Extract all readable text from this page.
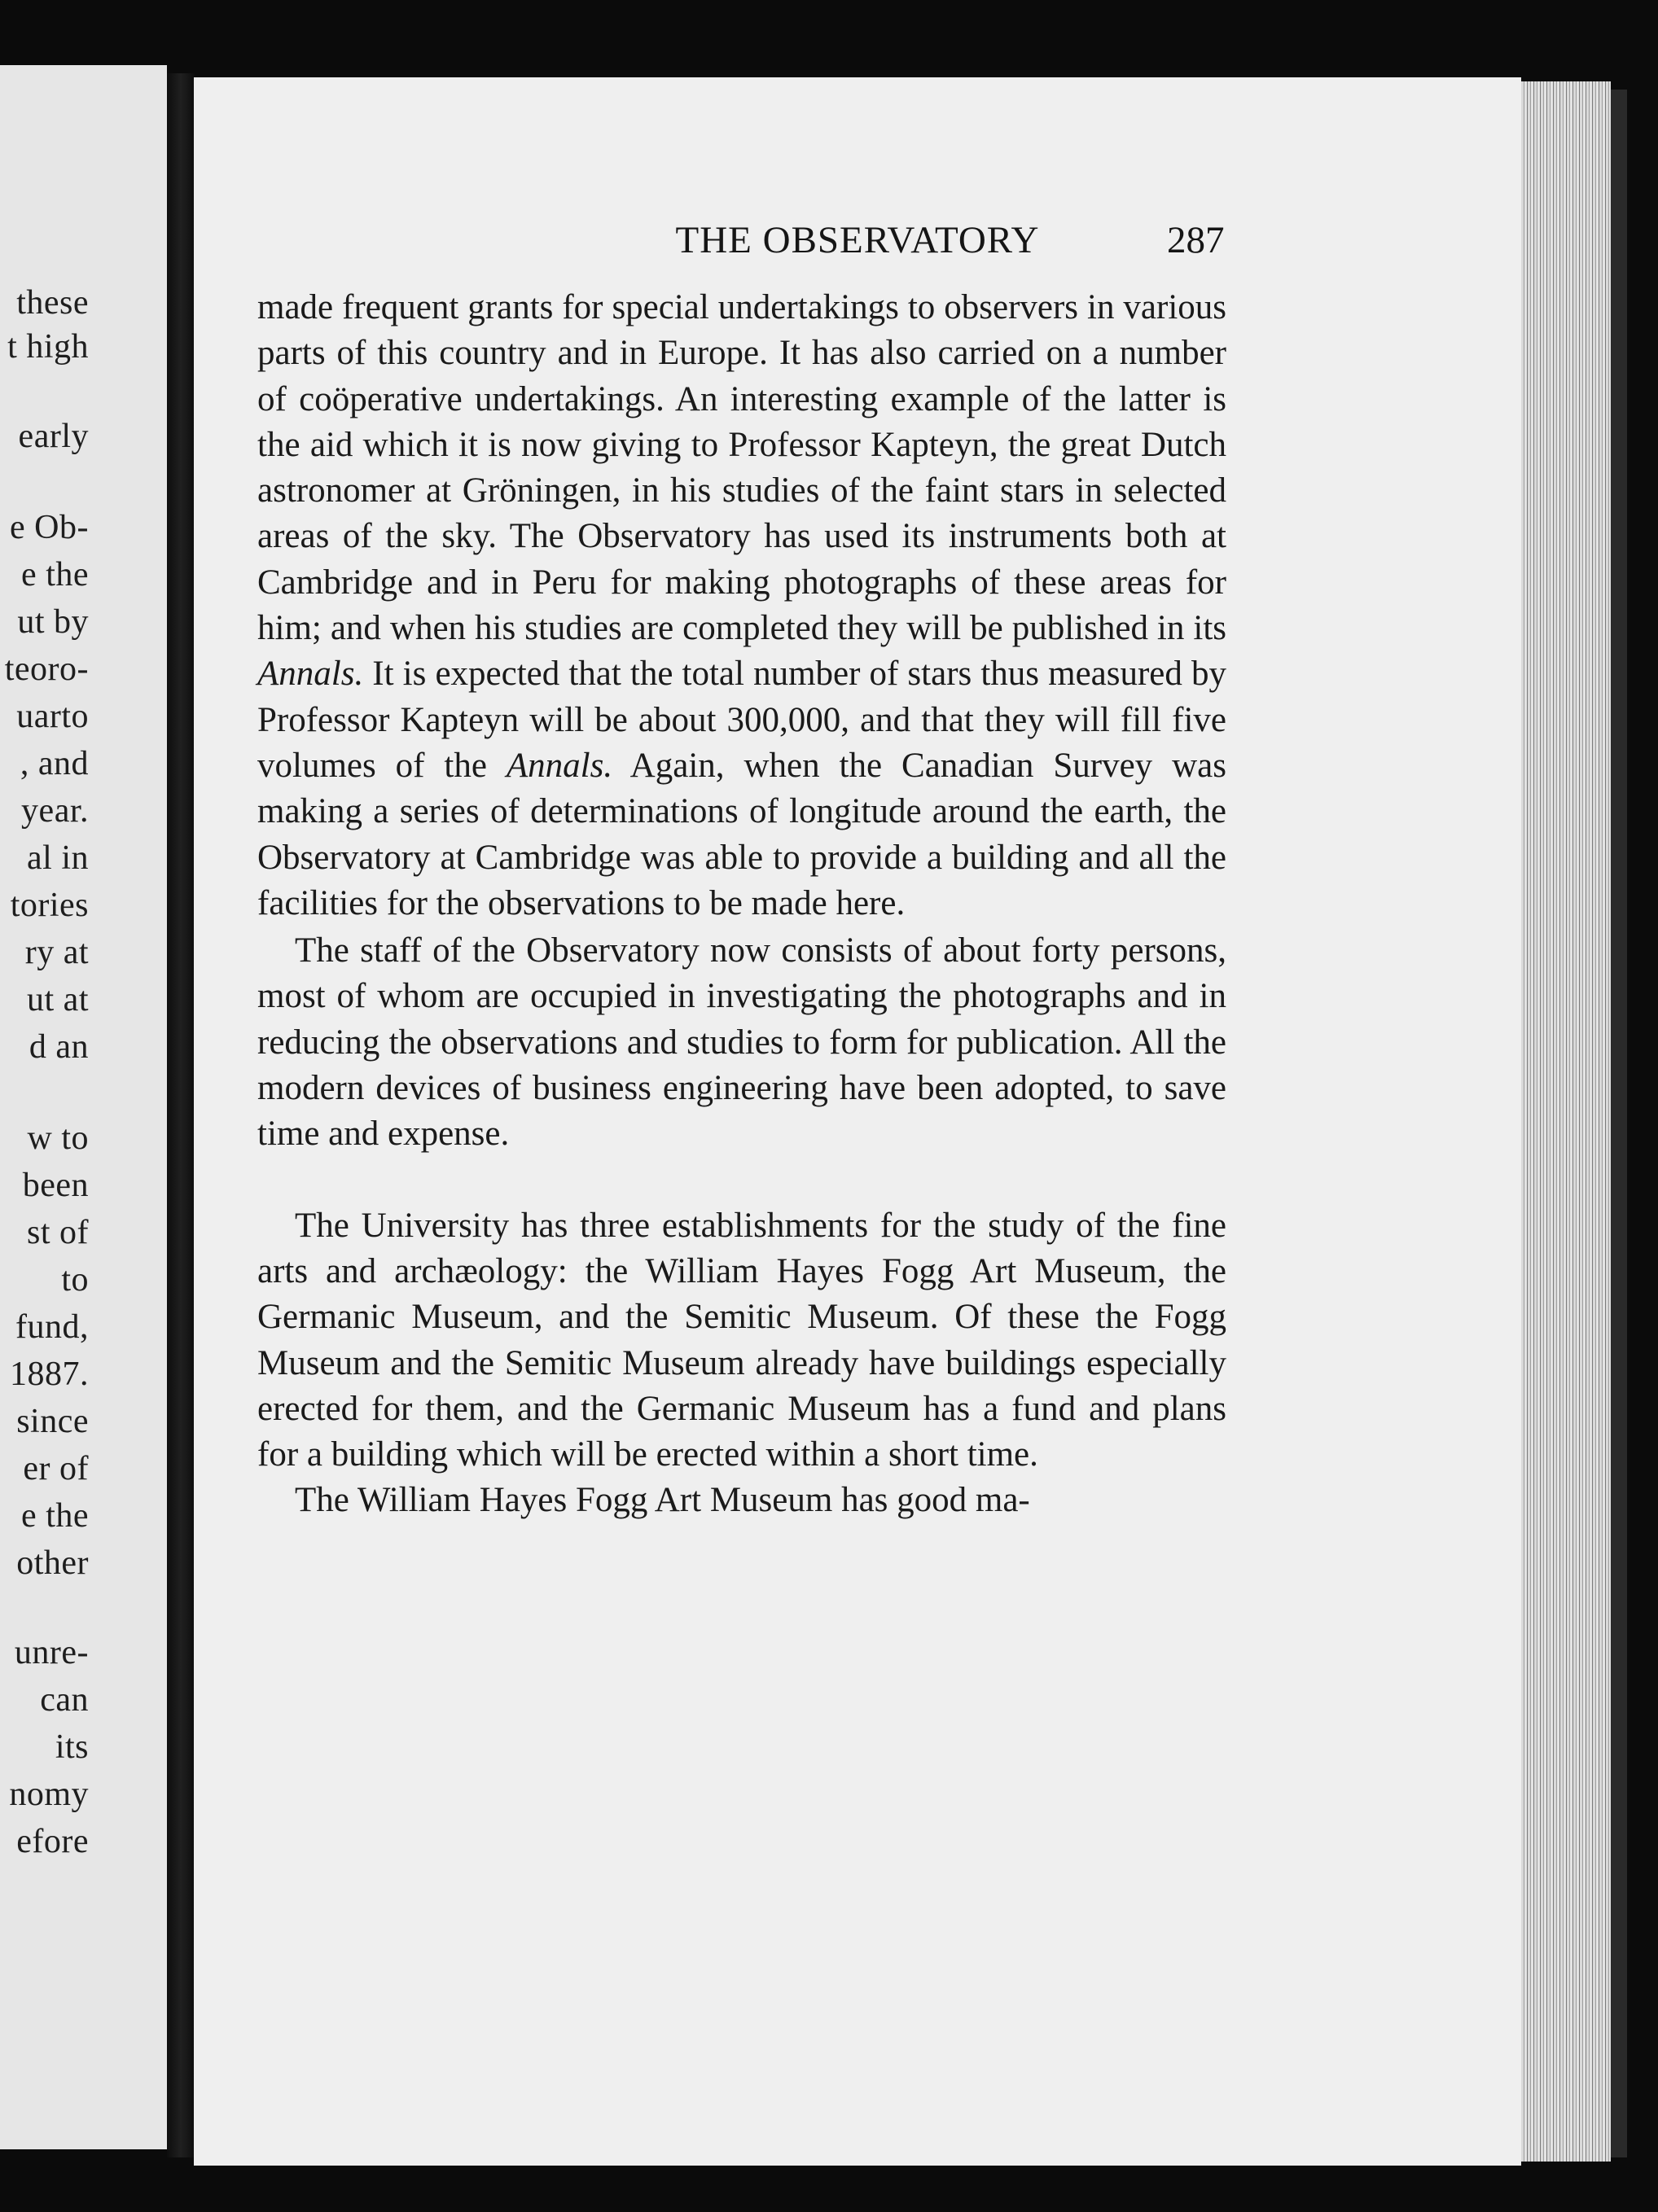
these
t high
early
e Ob-
e the
ut by
teoro-
uarto
, and
year.
al in
tories
ry at
ut at
d an
w to
been
st of
to
fund,
1887.
since
er of
e the
other
unre-
can
its
nomy
efore
THE OBSERVATORY	287

made frequent grants for special undertakings to observers in various parts of this country and in Europe. It has also carried on a number of coöperative undertakings. An interesting example of the latter is the aid which it is now giving to Professor Kapteyn, the great Dutch astronomer at Gröningen, in his studies of the faint stars in selected areas of the sky. The Observatory has used its instruments both at Cambridge and in Peru for making photographs of these areas for him; and when his studies are completed they will be published in its Annals. It is expected that the total number of stars thus measured by Professor Kapteyn will be about 300,000, and that they will fill five volumes of the Annals. Again, when the Canadian Survey was making a series of determinations of longitude around the earth, the Observatory at Cambridge was able to provide a building and all the facilities for the observations to be made here.

The staff of the Observatory now consists of about forty persons, most of whom are occupied in investigating the photographs and in reducing the observations and studies to form for publication. All the modern devices of business engineering have been adopted, to save time and expense.

The University has three establishments for the study of the fine arts and archæology: the William Hayes Fogg Art Museum, the Germanic Museum, and the Semitic Museum. Of these the Fogg Museum and the Semitic Museum already have buildings especially erected for them, and the Germanic Museum has a fund and plans for a building which will be erected within a short time.

The William Hayes Fogg Art Museum has good ma-
